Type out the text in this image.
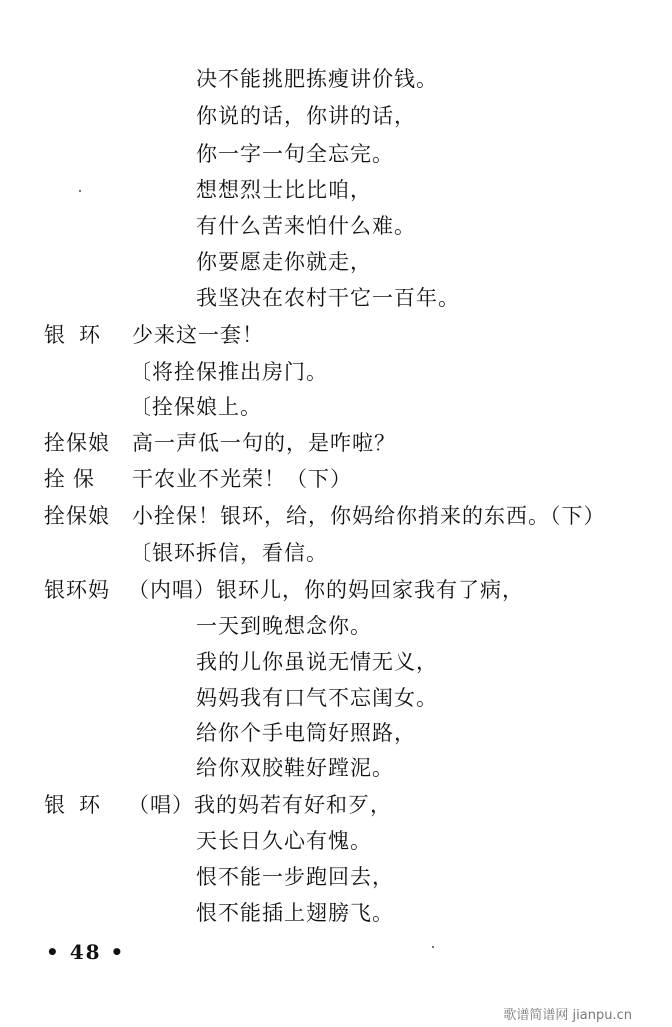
决不能挑肥拣瘦讲价钱。
你说的话，你讲的话，
你一字一句全忘完。
想想烈士比比咱，
有什么苦来怕什么难。
你要愿走你就走，
我坚决在农村干它一百年。
银环 少来这一套！
〔将拴保推出房门。
〔拴保娘上。
拴保娘 高一声低一句的，是咋啦？
拴保 干农业不光荣！（下）
拴保娘 小拴保！银环，给，你妈给你捎来的东西。（下）
〔银环拆信，看信。
银环妈 （内唱）银环儿，你的妈回家我有了病，
一天到晚想念你。
我的儿你虽说无情无义，
妈妈我有口气不忘闺女。
给你个手电筒好照路，
给你双胶鞋好蹚泥。
银环 （唱）我的妈若有好和歹，
天长日久心有愧。
恨不能一步跑回去，
恨不能插上翅膀飞。
• 48 •
歌谱简谱网 jianpu.cn
